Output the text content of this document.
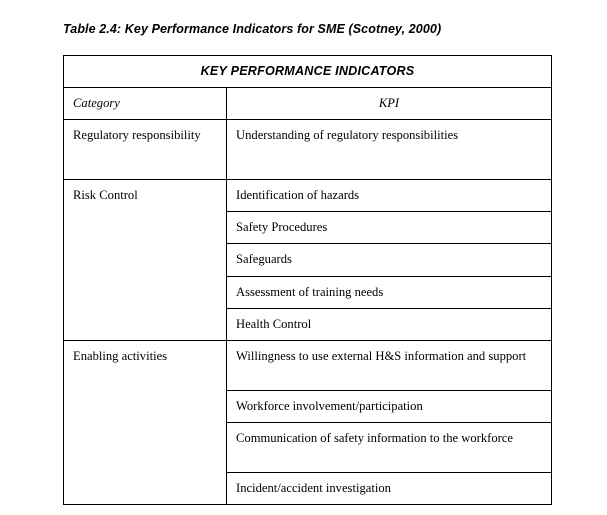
Table 2.4: Key Performance Indicators for SME (Scotney, 2000)
KEY PERFORMANCE INDICATORS	
Category	KPI
Regulatory responsibility	Understanding of regulatory responsibilities
Risk Control	Identification of hazards
	Safety Procedures
	Safeguards
	Assessment of training needs
	Health Control
Enabling activities	Willingness to use external H&S information and support
	Workforce involvement/participation
	Communication of safety information to the workforce
	Incident/accident investigation
